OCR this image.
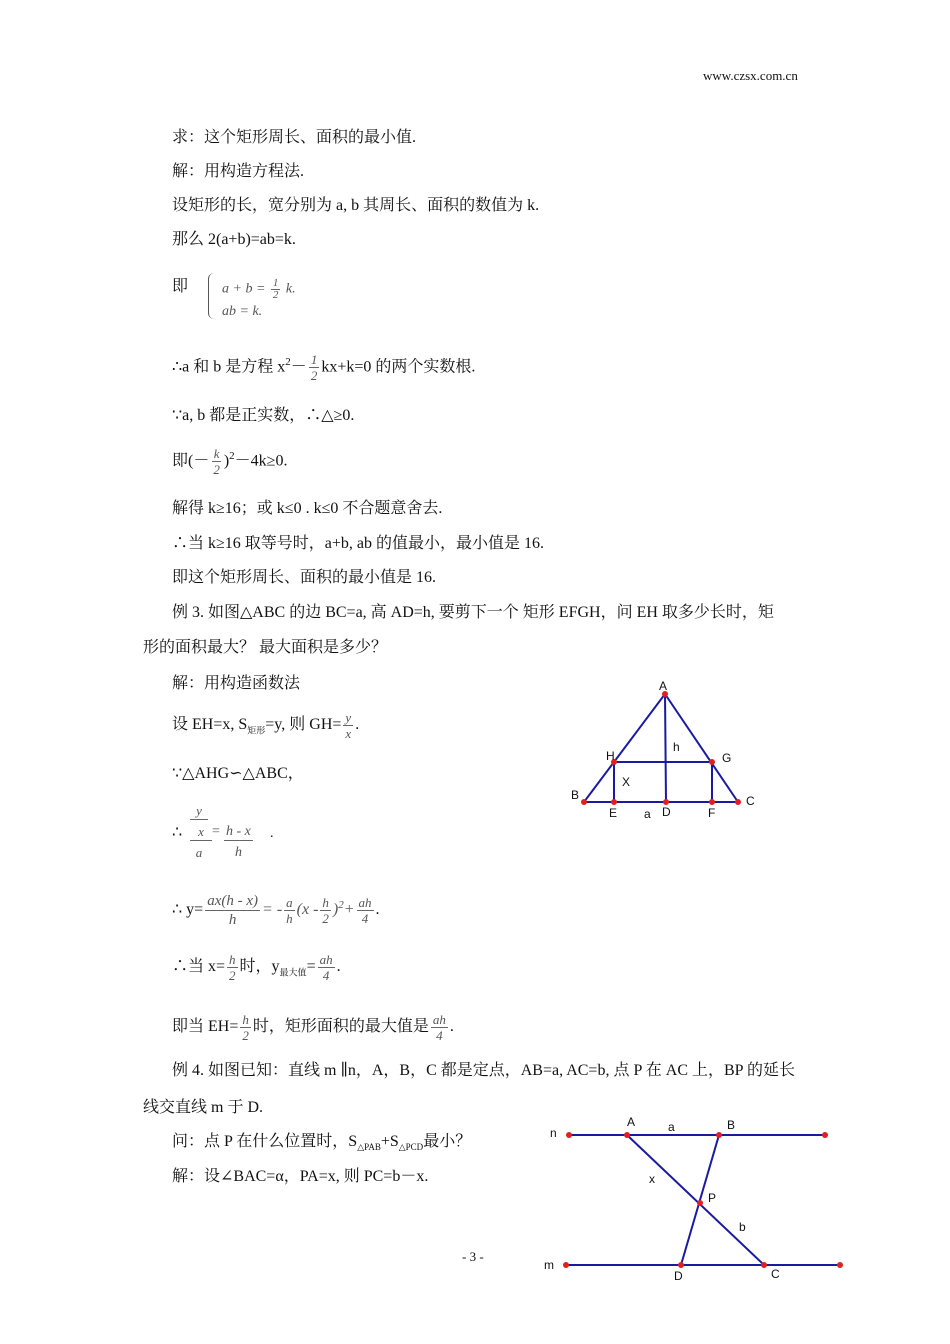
www.czsx.com.cn
求：这个矩形周长、面积的最小值.
解：用构造方程法.
设矩形的长，宽分别为 a, b 其周长、面积的数值为 k.
那么 2(a+b)=ab=k.
即 $a + b = \frac{1}{2} k$.
ab = k.
∴a 和 b 是方程 $x^2- \frac{1}{2} kx+k=0$ 的两个实数根.
∵a, b 都是正实数，∴△≥0.
即(－ $\frac{k}{2} )^2-4k\ge 0$.
解得 k≥16；或 k≤0 . k≤0 不合题意舍去.
∴当 k≥16 取等号时，a+b, ab 的值最小，最小值是 16.
即这个矩形周长、面积的最小值是 16.
例 3. 如图△ABC 的边 BC=a, 高 AD=h, 要剪下一个 矩形 EFGH，问 EH 取多少长时，矩
形的面积最大？ 最大面积是多少？
解：用构造函数法
设 EH=x, $S_{矩形}=y$, 则 $GH= \frac{y}{x}$ .
∵△AHG∽△ABC，
∴
y
x
a
= h - x
h
.
∴ $y= \frac{ax(h - x)}{h}$ = - $\frac{a}{h} (x - \frac{h}{2} )^2+ \frac{ah}{4}$ .
∴当 $x= \frac{h}{2}$ 时，$y_{最大值}= \frac{ah}{4}$ .
即当 $EH= \frac{h}{2}$ 时，矩形面积的最大值是 $\frac{ah}{4}$ .
例 4. 如图已知：直线 m ∥n，A，B，C 都是定点，AB=a, AC=b, 点 P 在 AC 上，BP 的延长
线交直线 m 于 D.
问：点 P 在什么位置时，$S_{\triangle PAB}+S_{\triangle PCD}$最小？
解：设∠BAC=α，PA=x, 则 PC=b－x.
A
B	C
D
E	F
G
H
h
X
a
n
m
A	B
C
D
P
a
b
x
- 3 -
